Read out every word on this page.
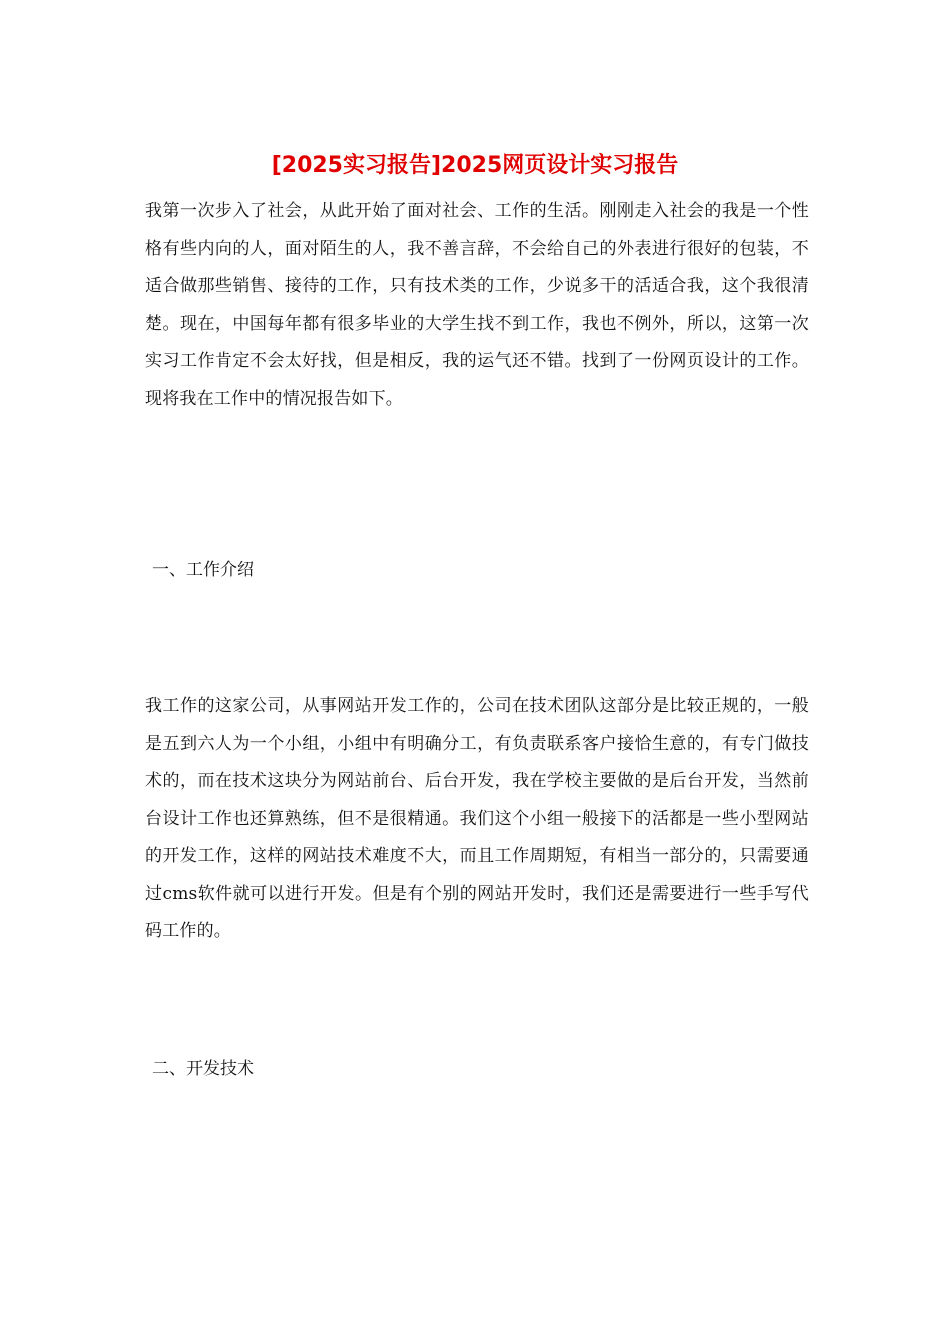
[2025实习报告]2025网页设计实习报告

我第一次步入了社会，从此开始了面对社会、工作的生活。刚刚走入社会的我是一个性格有些内向的人，面对陌生的人，我不善言辞，不会给自己的外表进行很好的包装，不适合做那些销售、接待的工作，只有技术类的工作，少说多干的活适合我，这个我很清楚。现在，中国每年都有很多毕业的大学生找不到工作，我也不例外，所以，这第一次实习工作肯定不会太好找，但是相反，我的运气还不错。找到了一份网页设计的工作。现将我在工作中的情况报告如下。

一、工作介绍

我工作的这家公司，从事网站开发工作的，公司在技术团队这部分是比较正规的，一般是五到六人为一个小组，小组中有明确分工，有负责联系客户接恰生意的，有专门做技术的，而在技术这块分为网站前台、后台开发，我在学校主要做的是后台开发，当然前台设计工作也还算熟练，但不是很精通。我们这个小组一般接下的活都是一些小型网站的开发工作，这样的网站技术难度不大，而且工作周期短，有相当一部分的，只需要通过cms软件就可以进行开发。但是有个别的网站开发时，我们还是需要进行一些手写代码工作的。

二、开发技术
